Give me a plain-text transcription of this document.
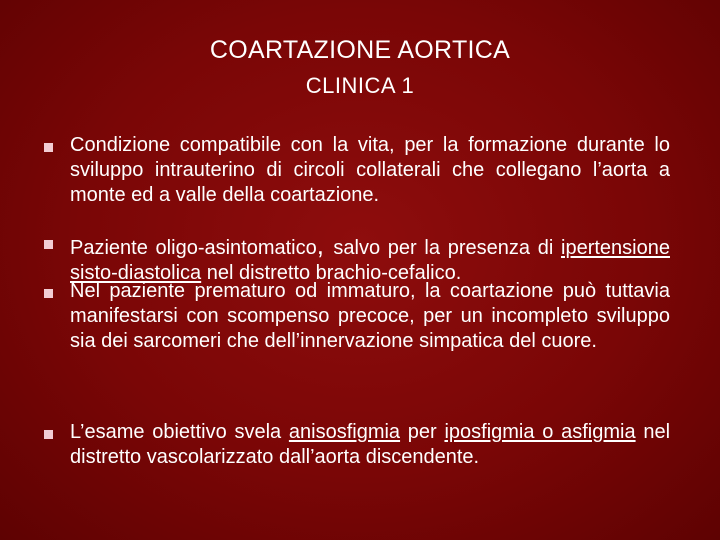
COARTAZIONE AORTICA
CLINICA 1
Condizione compatibile con la vita, per la formazione durante lo sviluppo intrauterino di circoli collaterali che collegano l’aorta a monte ed a valle della coartazione.
Paziente oligo-asintomatico, salvo per la presenza di ipertensione sisto-diastolica nel distretto brachio-cefalico.
Nel paziente prematuro od immaturo, la coartazione può tuttavia manifestarsi con scompenso precoce, per un incompleto sviluppo sia dei sarcomeri che dell’innervazione simpatica del cuore.
L’esame obiettivo svela anisosfigmia per iposfigmia o asfigmia nel distretto vascolarizzato dall’aorta discendente.
